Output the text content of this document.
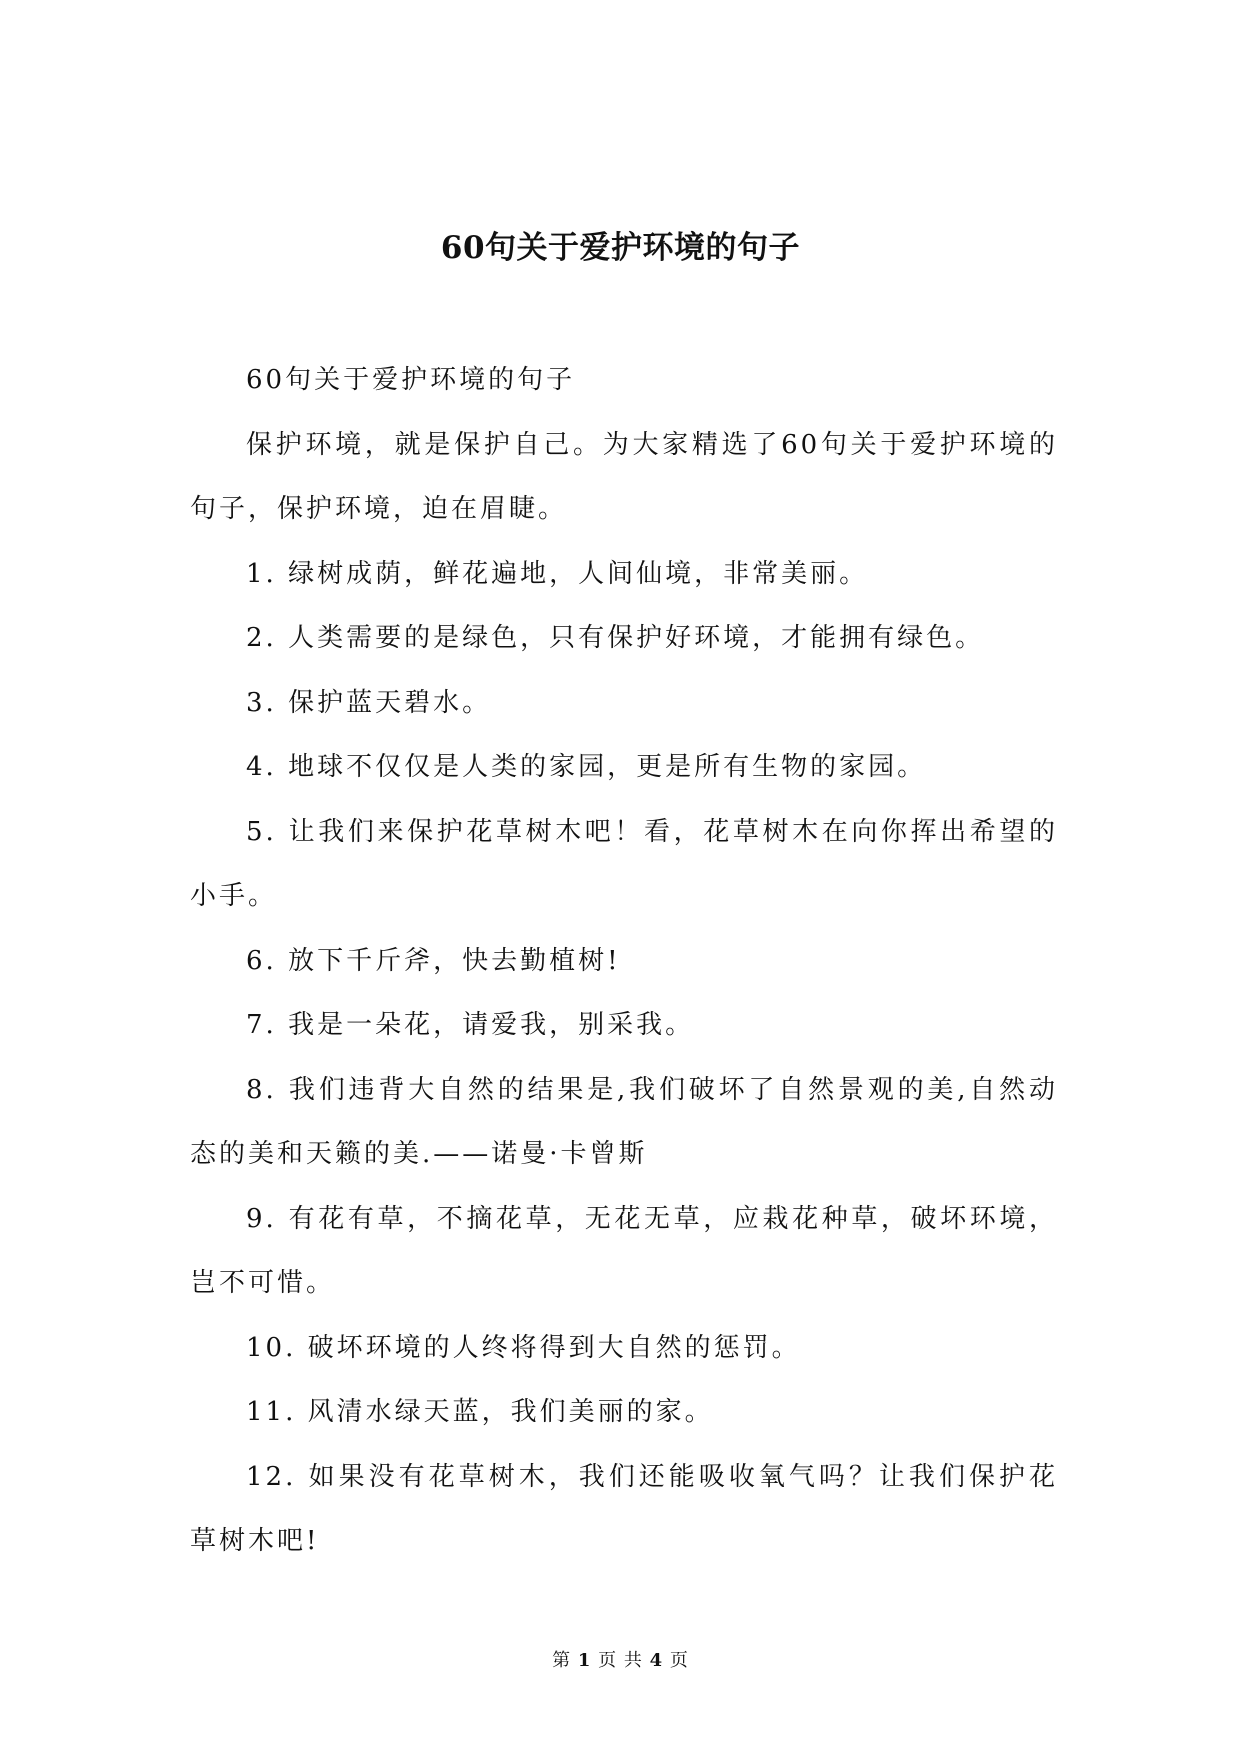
60句关于爱护环境的句子

60句关于爱护环境的句子

保护环境，就是保护自己。为大家精选了60句关于爱护环境的句子，保护环境，迫在眉睫。

1. 绿树成荫，鲜花遍地，人间仙境，非常美丽。

2. 人类需要的是绿色，只有保护好环境，才能拥有绿色。

3. 保护蓝天碧水。

4. 地球不仅仅是人类的家园，更是所有生物的家园。

5. 让我们来保护花草树木吧！看，花草树木在向你挥出希望的小手。

6. 放下千斤斧，快去勤植树!

7. 我是一朵花，请爱我，别采我。

8. 我们违背大自然的结果是,我们破坏了自然景观的美,自然动态的美和天籁的美.——诺曼·卡曾斯

9. 有花有草，不摘花草，无花无草，应栽花种草，破坏环境，岂不可惜。

10. 破坏环境的人终将得到大自然的惩罚。

11. 风清水绿天蓝，我们美丽的家。

12. 如果没有花草树木，我们还能吸收氧气吗？让我们保护花草树木吧!

第 1 页 共 4 页
